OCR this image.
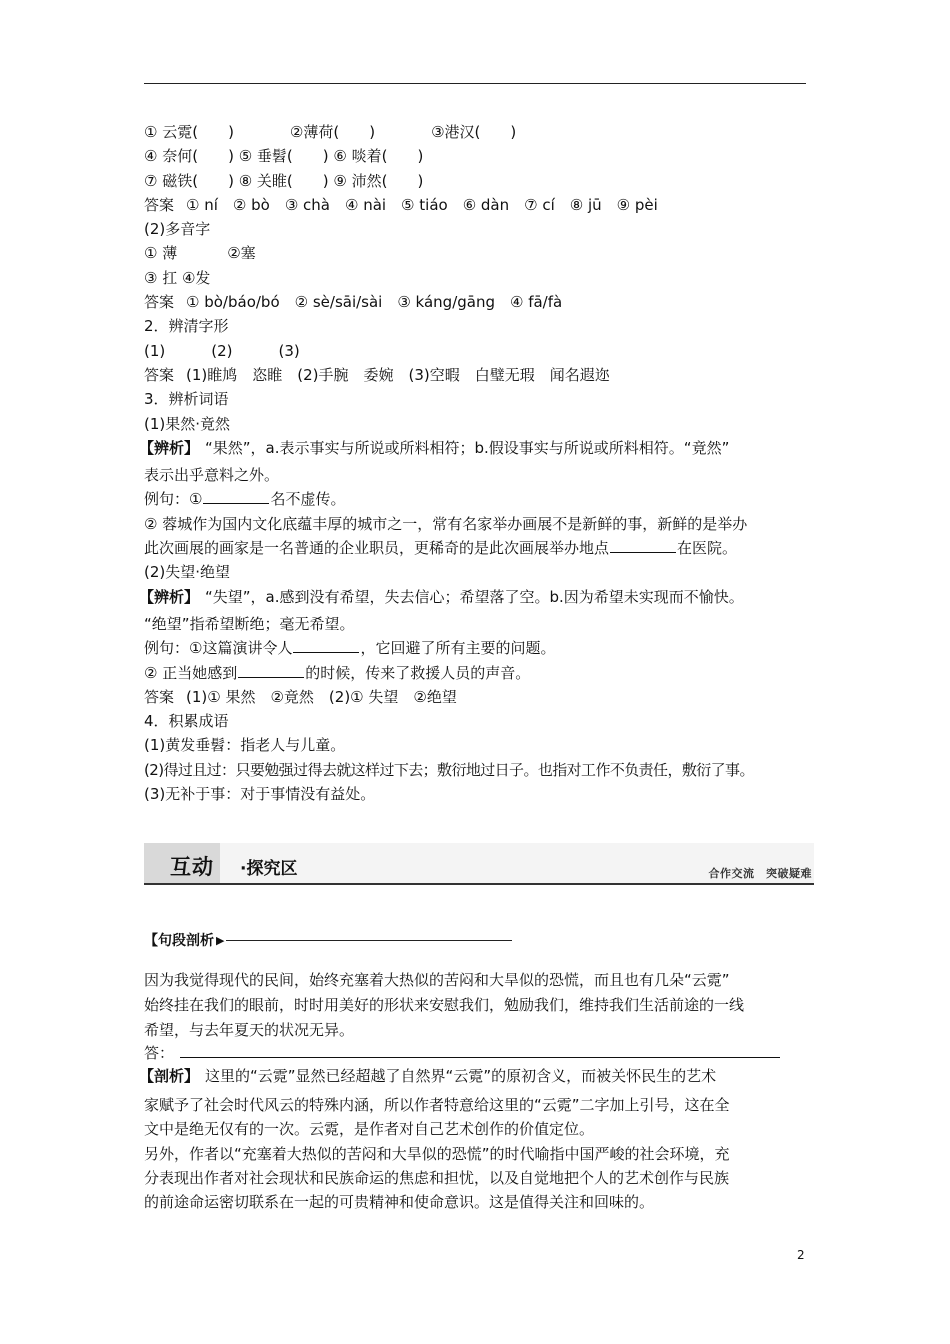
① 云霓(　　)	②薄荷(　　)	③港汉(　　)
④ 奈何(　　) ⑤ 垂髫(　　) ⑥ 啖着(　　)
⑦ 磁铁(　　) ⑧ 关睢(　　) ⑨ 沛然(　　)
答案 ① ní　② bò　③ chà　④ nài　⑤ tiáo　⑥ dàn　⑦ cí　⑧ jū　⑨ pèi
(2)多音字
① 薄	②塞
③ 扛 ④发
答案 ① bò/báo/bó　② sè/sāi/sài　③ káng/gāng　④ fā/fà
2．辨清字形
(1)	(2)	(3)
答案 (1)睢鸠　恣睢　(2)手腕　委婉　(3)空暇　白璧无瑕　闻名遐迩
3．辨析词语
(1)果然·竟然
【辨析】 “果然”，a.表示事实与所说或所料相符；b.假设事实与所说或所料相符。“竟然”
表示出乎意料之外。
例句：①	名不虚传。
② 蓉城作为国内文化底蕴丰厚的城市之一，常有名家举办画展不是新鲜的事，新鲜的是举办
此次画展的画家是一名普通的企业职员，更稀奇的是此次画展举办地点	在医院。
(2)失望·绝望
【辨析】 “失望”，a.感到没有希望，失去信心；希望落了空。b.因为希望未实现而不愉快。
“绝望”指希望断绝；毫无希望。
例句：①这篇演讲令人	，它回避了所有主要的问题。
② 正当她感到	的时候，传来了救援人员的声音。
答案 (1)① 果然　②竟然　(2)① 失望　②绝望
4．积累成语
(1)黄发垂髫：指老人与儿童。
(2)得过且过：只要勉强过得去就这样过下去；敷衍地过日子。也指对工作不负责任，敷衍了事。
(3)无补于事：对于事情没有益处。
互动 ·探究区	合作交流　突破疑难
【句段剖析 ▶
因为我觉得现代的民间，始终充塞着大热似的苦闷和大旱似的恐慌，而且也有几朵“云霓”
始终挂在我们的眼前，时时用美好的形状来安慰我们，勉励我们，维持我们生活前途的一线
希望，与去年夏天的状况无异。
答：
【剖析】 这里的“云霓”显然已经超越了自然界“云霓”的原初含义，而被关怀民生的艺术
家赋予了社会时代风云的特殊内涵，所以作者特意给这里的“云霓”二字加上引号，这在全
文中是绝无仅有的一次。云霓，是作者对自己艺术创作的价值定位。
另外，作者以“充塞着大热似的苦闷和大旱似的恐慌”的时代喻指中国严峻的社会环境，充
分表现出作者对社会现状和民族命运的焦虑和担忧，以及自觉地把个人的艺术创作与民族
的前途命运密切联系在一起的可贵精神和使命意识。这是值得关注和回味的。
2
